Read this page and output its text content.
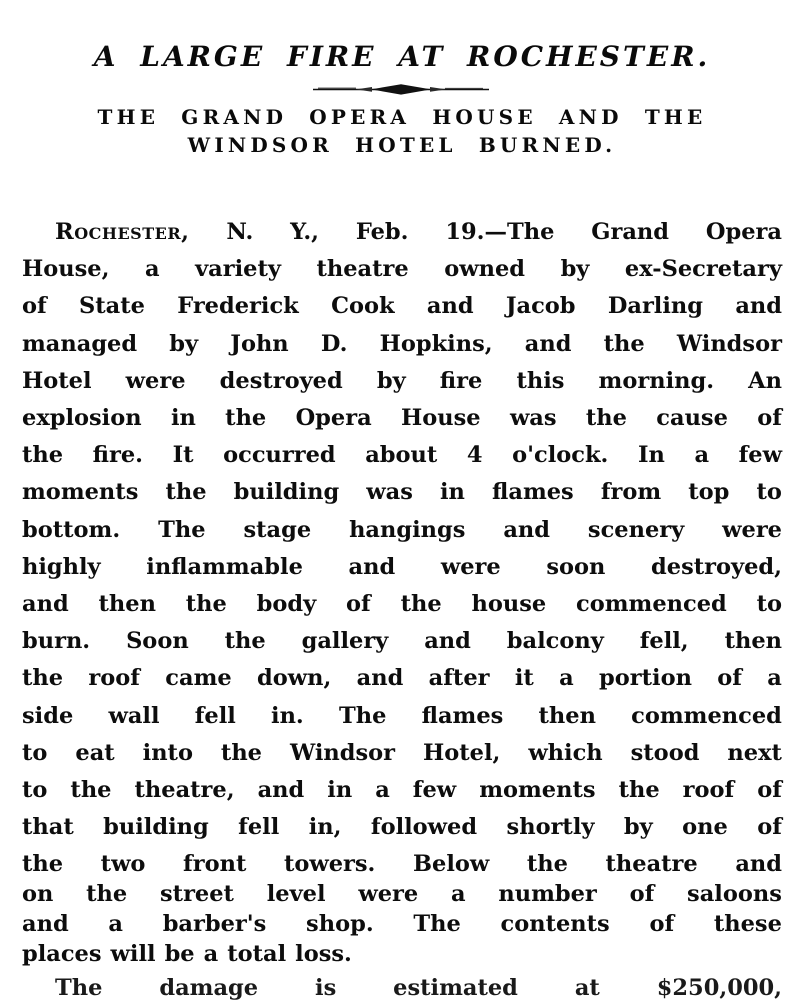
A LARGE FIRE AT ROCHESTER.
THE GRAND OPERA HOUSE AND THE
WINDSOR HOTEL BURNED.
Rochester, N. Y., Feb. 19.—The Grand Opera
House, a variety theatre owned by ex-Secretary
of State Frederick Cook and Jacob Darling and
managed by John D. Hopkins, and the Windsor
Hotel were destroyed by fire this morning. An
explosion in the Opera House was the cause of
the fire. It occurred about 4 o'clock. In a few
moments the building was in flames from top to
bottom. The stage hangings and scenery were
highly inflammable and were soon destroyed,
and then the body of the house commenced to
burn. Soon the gallery and balcony fell, then
the roof came down, and after it a portion of a
side wall fell in. The flames then commenced
to eat into the Windsor Hotel, which stood next
to the theatre, and in a few moments the roof of
that building fell in, followed shortly by one of
the two front towers. Below the theatre and
on the street level were a number of saloons
and a barber's shop. The contents of these
places will be a total loss.
The	damage	is	estimated	at	$250,000,
